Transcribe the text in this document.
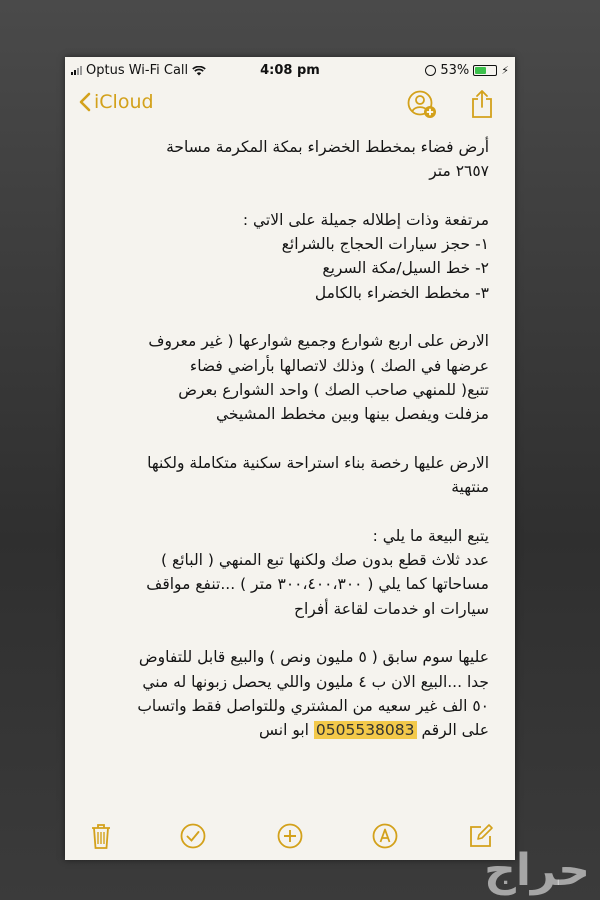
Optus Wi-Fi Call	4:08 pm	53%	⚡
iCloud

أرض فضاء بمخطط الخضراء بمكة المكرمة مساحة

٢٦٥٧ متر

مرتفعة وذات إطلاله جميلة على الاتي :

١- حجز سيارات الحجاج بالشرائع

٢- خط السيل/مكة السريع

٣- مخطط الخضراء بالكامل

الارض على اربع شوارع وجميع شوارعها ( غير معروف

عرضها في الصك ) وذلك لاتصالها بأراضي فضاء

تتبع( للمنهي صاحب الصك ) واحد الشوارع بعرض

مزفلت ويفصل بينها وبين مخطط المشيخي

الارض عليها رخصة بناء استراحة سكنية متكاملة ولكنها

منتهية

يتبع البيعة ما يلي :

عدد ثلاث قطع بدون صك ولكنها تبع المنهي ( البائع )

مساحاتها كما يلي ( ٣٠٠،٤٠٠،٣٠٠ متر ) ...تنفع مواقف

سيارات او خدمات لقاعة أفراح

عليها سوم سابق ( ٥ مليون ونص ) والبيع قابل للتفاوض

جدا ...البيع الان ب ٤ مليون واللي يحصل زبونها له مني

٥٠ الف غير سعيه من المشتري وللتواصل فقط واتساب

على الرقم 0505538083 ابو انس

حراج
